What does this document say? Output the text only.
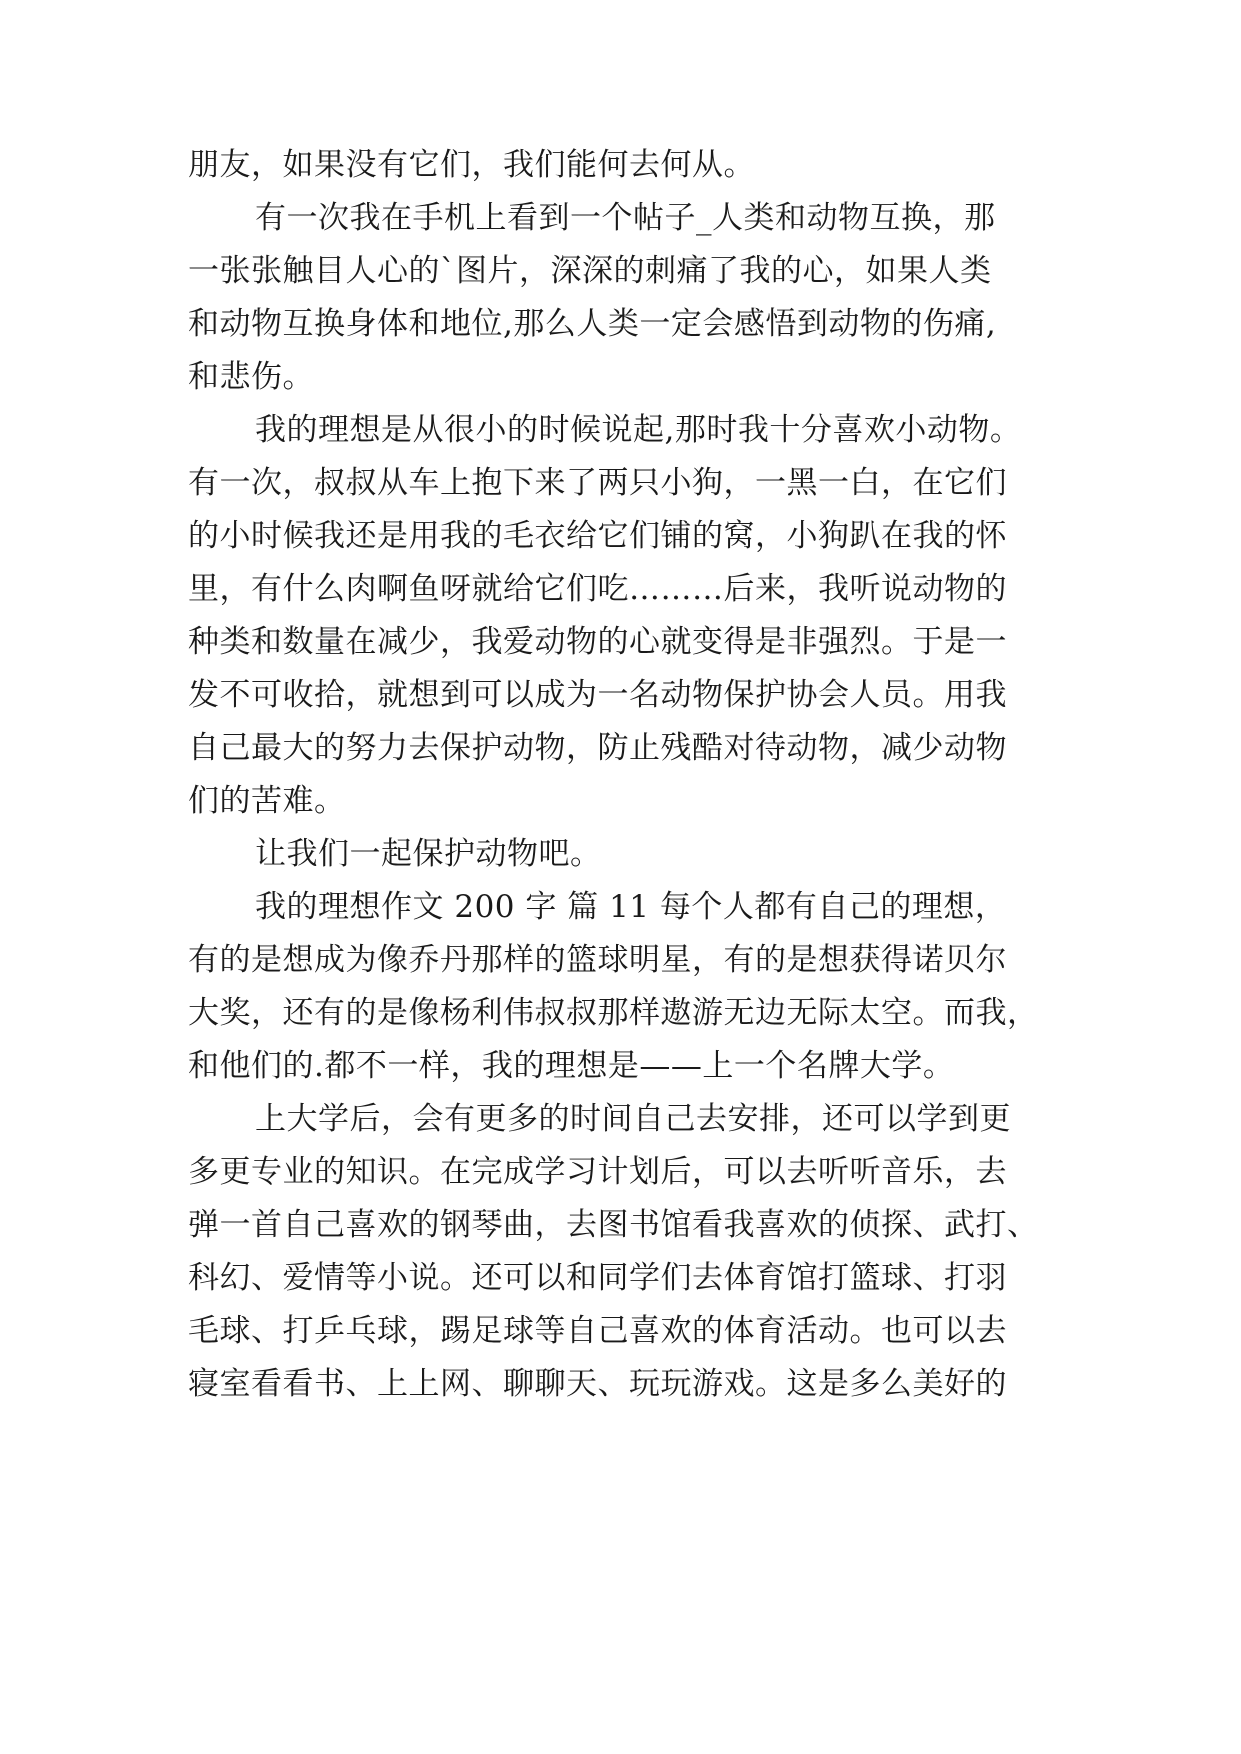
朋友，如果没有它们，我们能何去何从。
有一次我在手机上看到一个帖子_人类和动物互换，那
一张张触目人心的`图片，深深的刺痛了我的心，如果人类
和动物互换身体和地位,那么人类一定会感悟到动物的伤痛,
和悲伤。
我的理想是从很小的时候说起,那时我十分喜欢小动物。
有一次，叔叔从车上抱下来了两只小狗，一黑一白，在它们
的小时候我还是用我的毛衣给它们铺的窝，小狗趴在我的怀
里，有什么肉啊鱼呀就给它们吃………后来，我听说动物的
种类和数量在减少，我爱动物的心就变得是非强烈。于是一
发不可收拾，就想到可以成为一名动物保护协会人员。用我
自己最大的努力去保护动物，防止残酷对待动物，减少动物
们的苦难。
让我们一起保护动物吧。
我的理想作文 200 字 篇 11 每个人都有自己的理想，
有的是想成为像乔丹那样的篮球明星，有的是想获得诺贝尔
大奖，还有的是像杨利伟叔叔那样遨游无边无际太空。而我，
和他们的.都不一样，我的理想是——上一个名牌大学。
上大学后，会有更多的时间自己去安排，还可以学到更
多更专业的知识。在完成学习计划后，可以去听听音乐，去
弹一首自己喜欢的钢琴曲，去图书馆看我喜欢的侦探、武打、
科幻、爱情等小说。还可以和同学们去体育馆打篮球、打羽
毛球、打乒乓球，踢足球等自己喜欢的体育活动。也可以去
寝室看看书、上上网、聊聊天、玩玩游戏。这是多么美好的
